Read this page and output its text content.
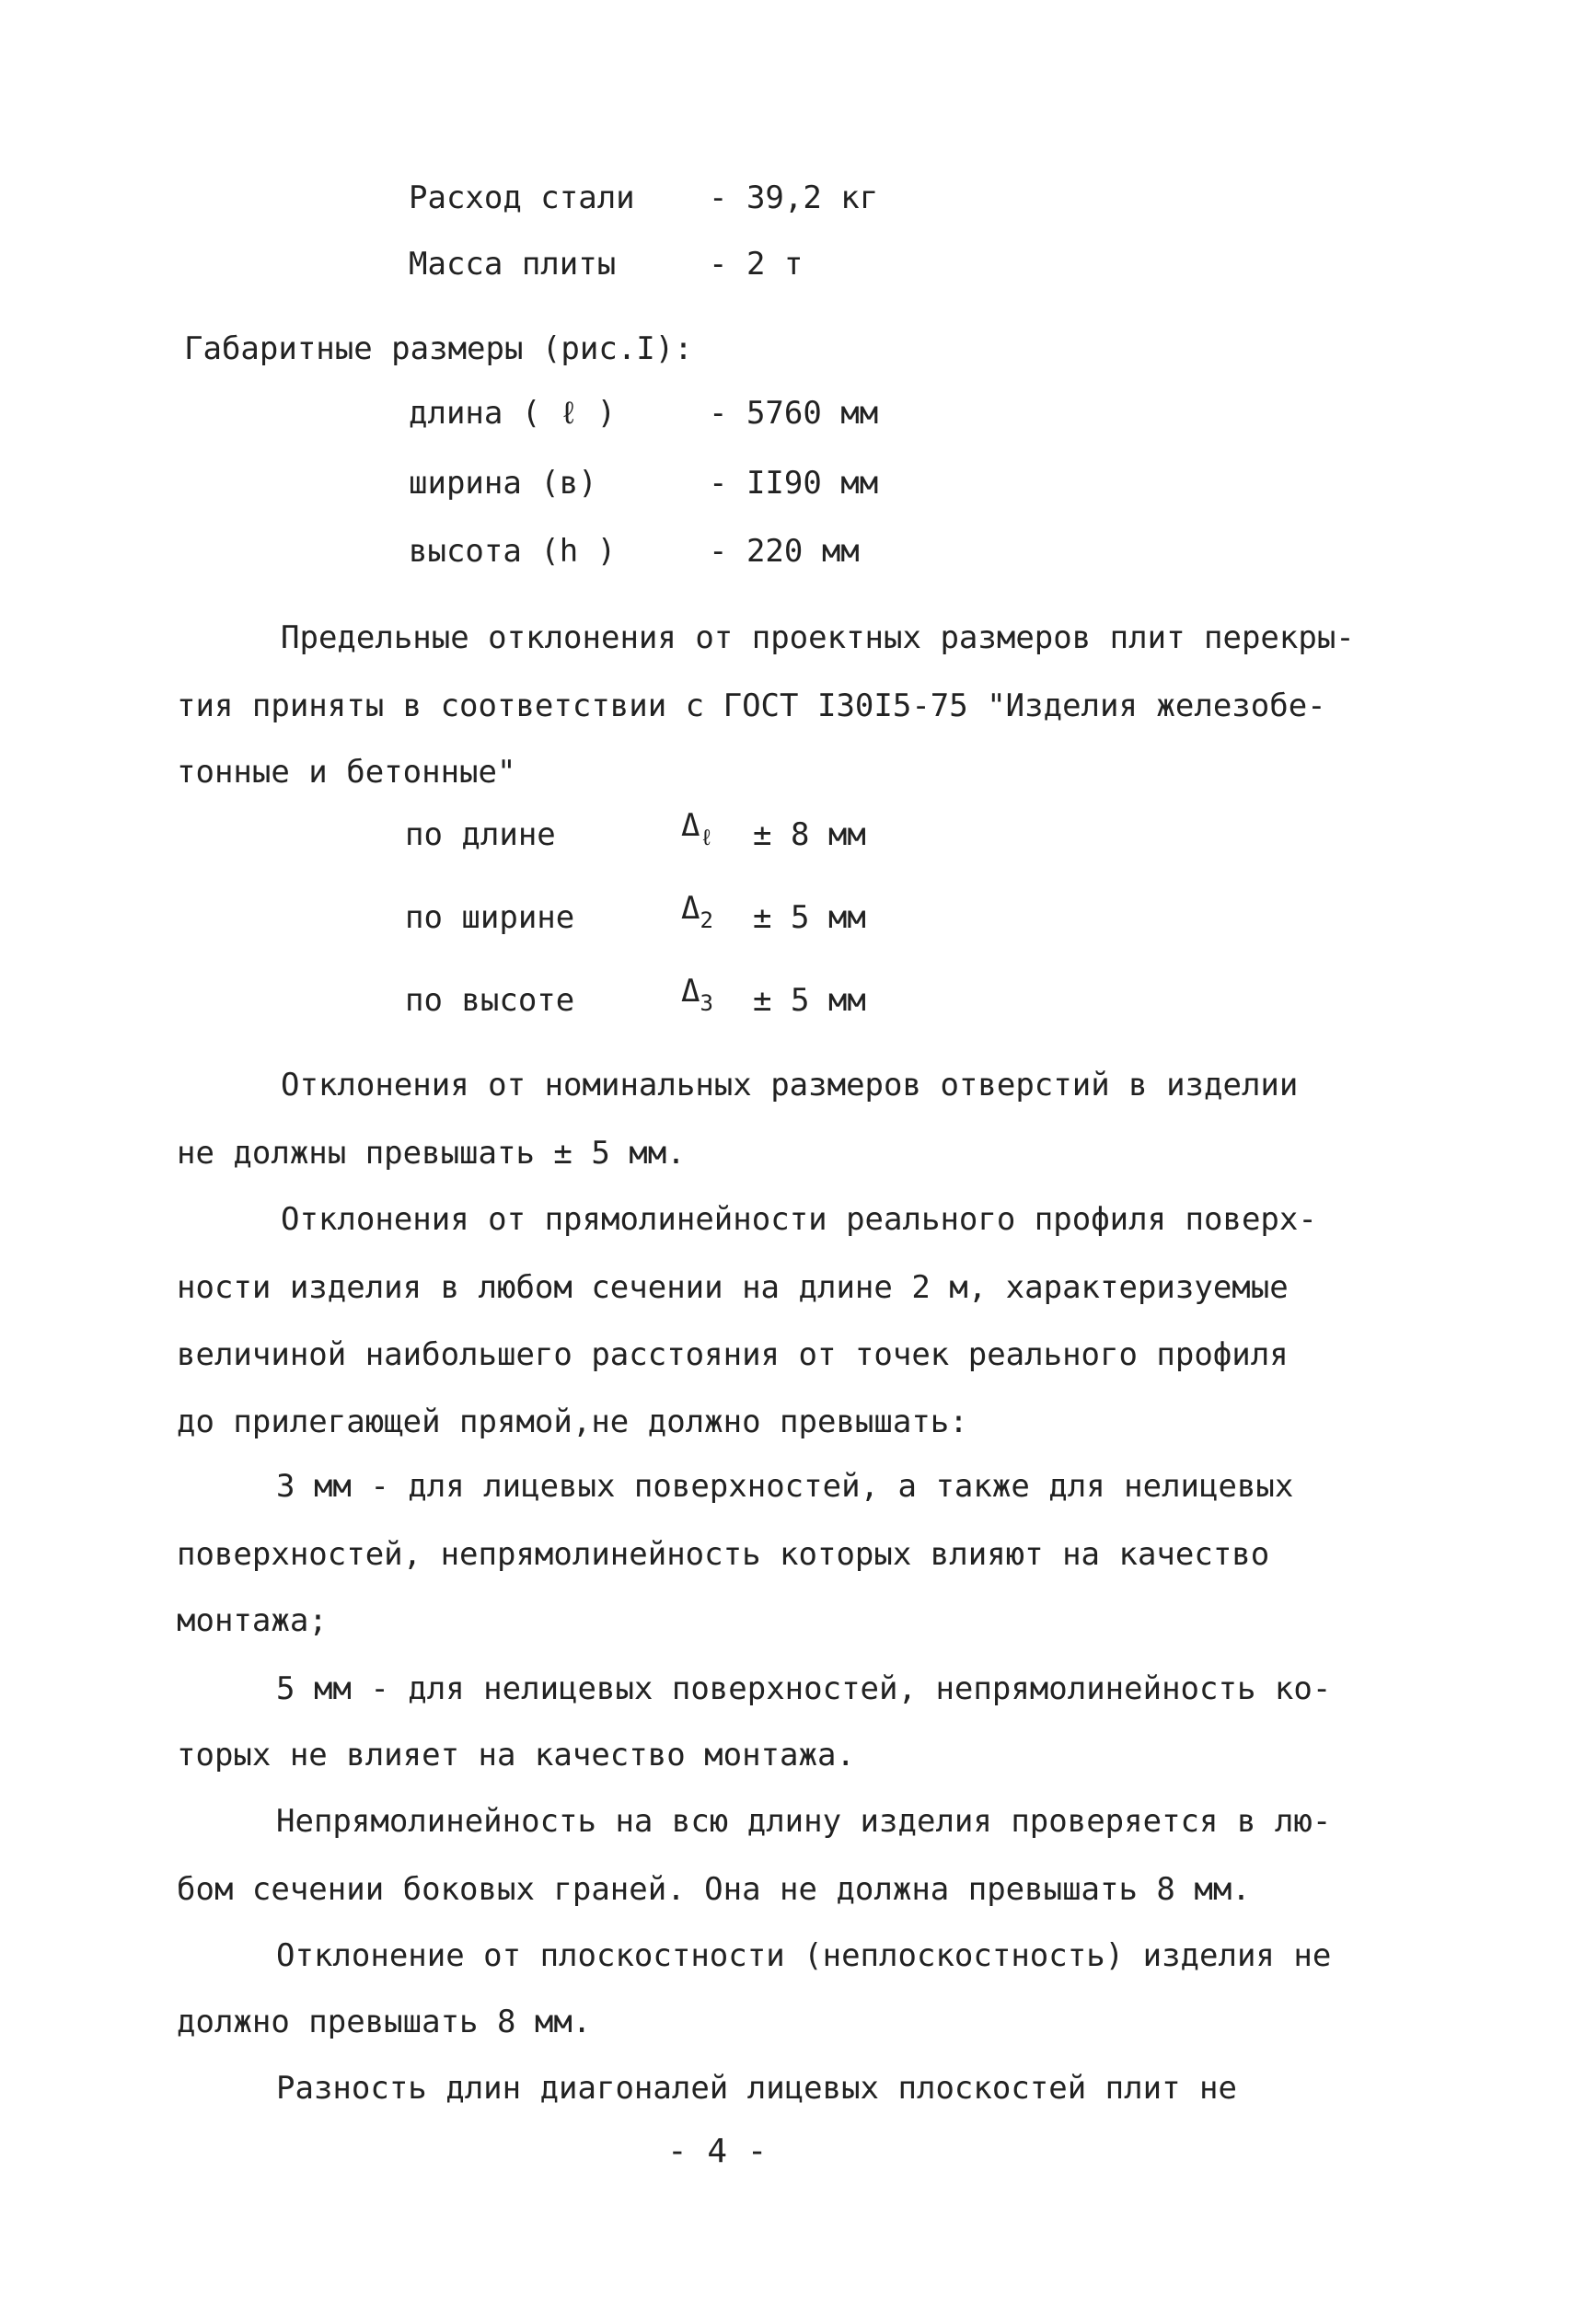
Расход стали - 39,2 кг
Масса плиты	- 2 т
Габаритные размеры (рис.I):
длина ( ℓ )	- 5760 мм
ширина (в)	- II90 мм
высота (h )	- 220 мм
Предельные отклонения от проектных размеров плит перекры-
тия приняты в соответствии с ГОСТ I30I5-75 "Изделия железобе-
тонные и бетонные"
по длине	$\Delta_\ell \pm 8$ мм
по ширине	$\Delta_2 \pm 5$ мм
по высоте	$\Delta_3 \pm 5$ мм
Отклонения от номинальных размеров отверстий в изделии
не должны превышать ± 5 мм.
Отклонения от прямолинейности реального профиля поверх-
ности изделия в любом сечении на длине 2 м, характеризуемые
величиной наибольшего расстояния от точек реального профиля
до прилегающей прямой,не должно превышать:
3 мм - для лицевых поверхностей, а также для нелицевых
поверхностей, непрямолинейность которых влияют на качество
монтажа;
5 мм - для нелицевых поверхностей, непрямолинейность ко-
торых не влияет на качество монтажа.
Непрямолинейность на всю длину изделия проверяется в лю-
бом сечении боковых граней. Она не должна превышать 8 мм.
Отклонение от плоскостности (неплоскостность) изделия не
должно превышать 8 мм.
Разность длин диагоналей лицевых плоскостей плит не
- 4 -
